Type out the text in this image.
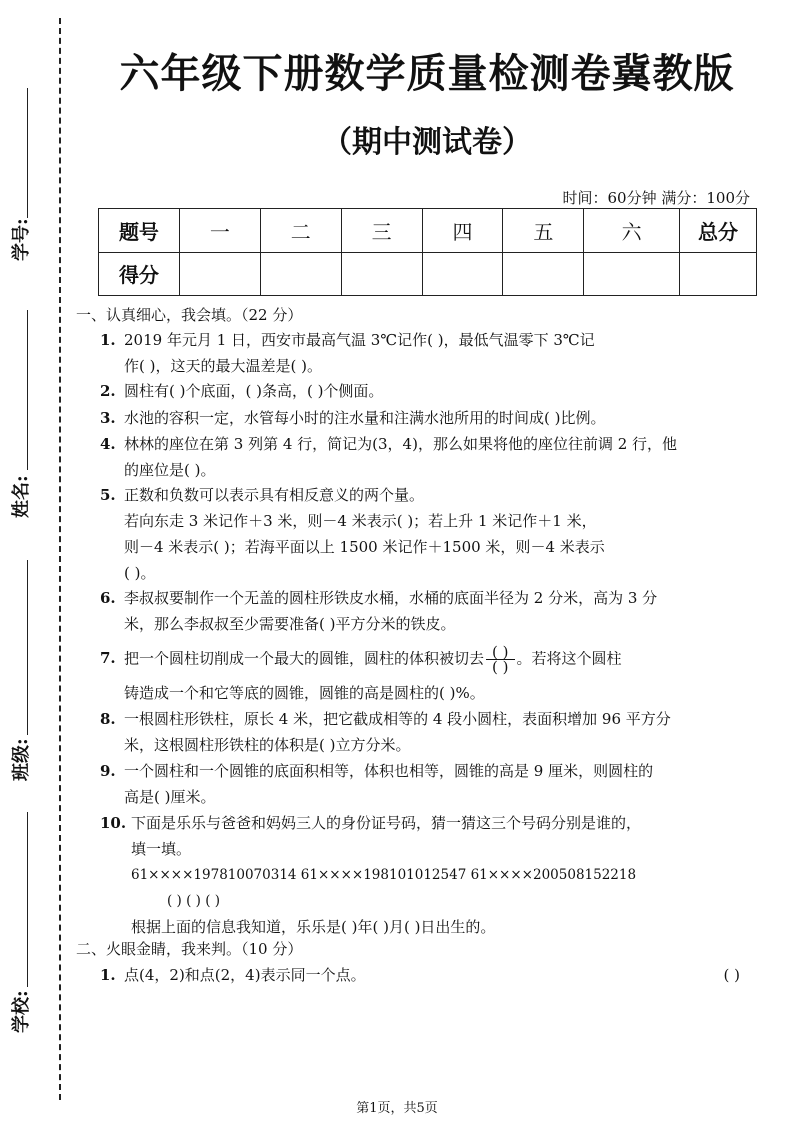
学号:
姓名:
班级:
学校:
六年级下册数学质量检测卷冀教版
（期中测试卷）
时间：60分钟 满分：100分
题号	一	二	三	四	五	六	总分
得分							
一、认真细心，我会填。（22 分）
1. 2019 年元月 1 日，西安市最高气温 3℃记作( )，最低气温零下 3℃记
作( )，这天的最大温差是( )。
2. 圆柱有( )个底面，( )条高，( )个侧面。
3. 水池的容积一定，水管每小时的注水量和注满水池所用的时间成( )比例。
4. 林林的座位在第 3 列第 4 行，简记为(3，4)，那么如果将他的座位往前调 2 行，他
的座位是( )。
5. 正数和负数可以表示具有相反意义的两个量。
若向东走 3 米记作＋3 米，则－4 米表示( )；若上升 1 米记作＋1 米，
则－4 米表示( )；若海平面以上 1500 米记作＋1500 米，则－4 米表示
( )。
6. 李叔叔要制作一个无盖的圆柱形铁皮水桶，水桶的底面半径为 2 分米，高为 3 分
米，那么李叔叔至少需要准备( )平方分米的铁皮。
7. 把一个圆柱切削成一个最大的圆锥，圆柱的体积被切去 $\frac{( )}{( )}$ 。若将这个圆柱
铸造成一个和它等底的圆锥，圆锥的高是圆柱的( )%。
8. 一根圆柱形铁柱，原长 4 米，把它截成相等的 4 段小圆柱，表面积增加 96 平方分
米，这根圆柱形铁柱的体积是( )立方分米。
9. 一个圆柱和一个圆锥的底面积相等，体积也相等，圆锥的高是 9 厘米，则圆柱的
高是( )厘米。
10. 下面是乐乐与爸爸和妈妈三人的身份证号码，猜一猜这三个号码分别是谁的，
填一填。
61××××197810070314 61××××198101012547 61××××200508152218
( ) ( ) ( )
根据上面的信息我知道，乐乐是( )年( )月( )日出生的。
二、火眼金睛，我来判。（10 分）
1. 点(4，2)和点(2，4)表示同一个点。	( )
第1页，共5页
